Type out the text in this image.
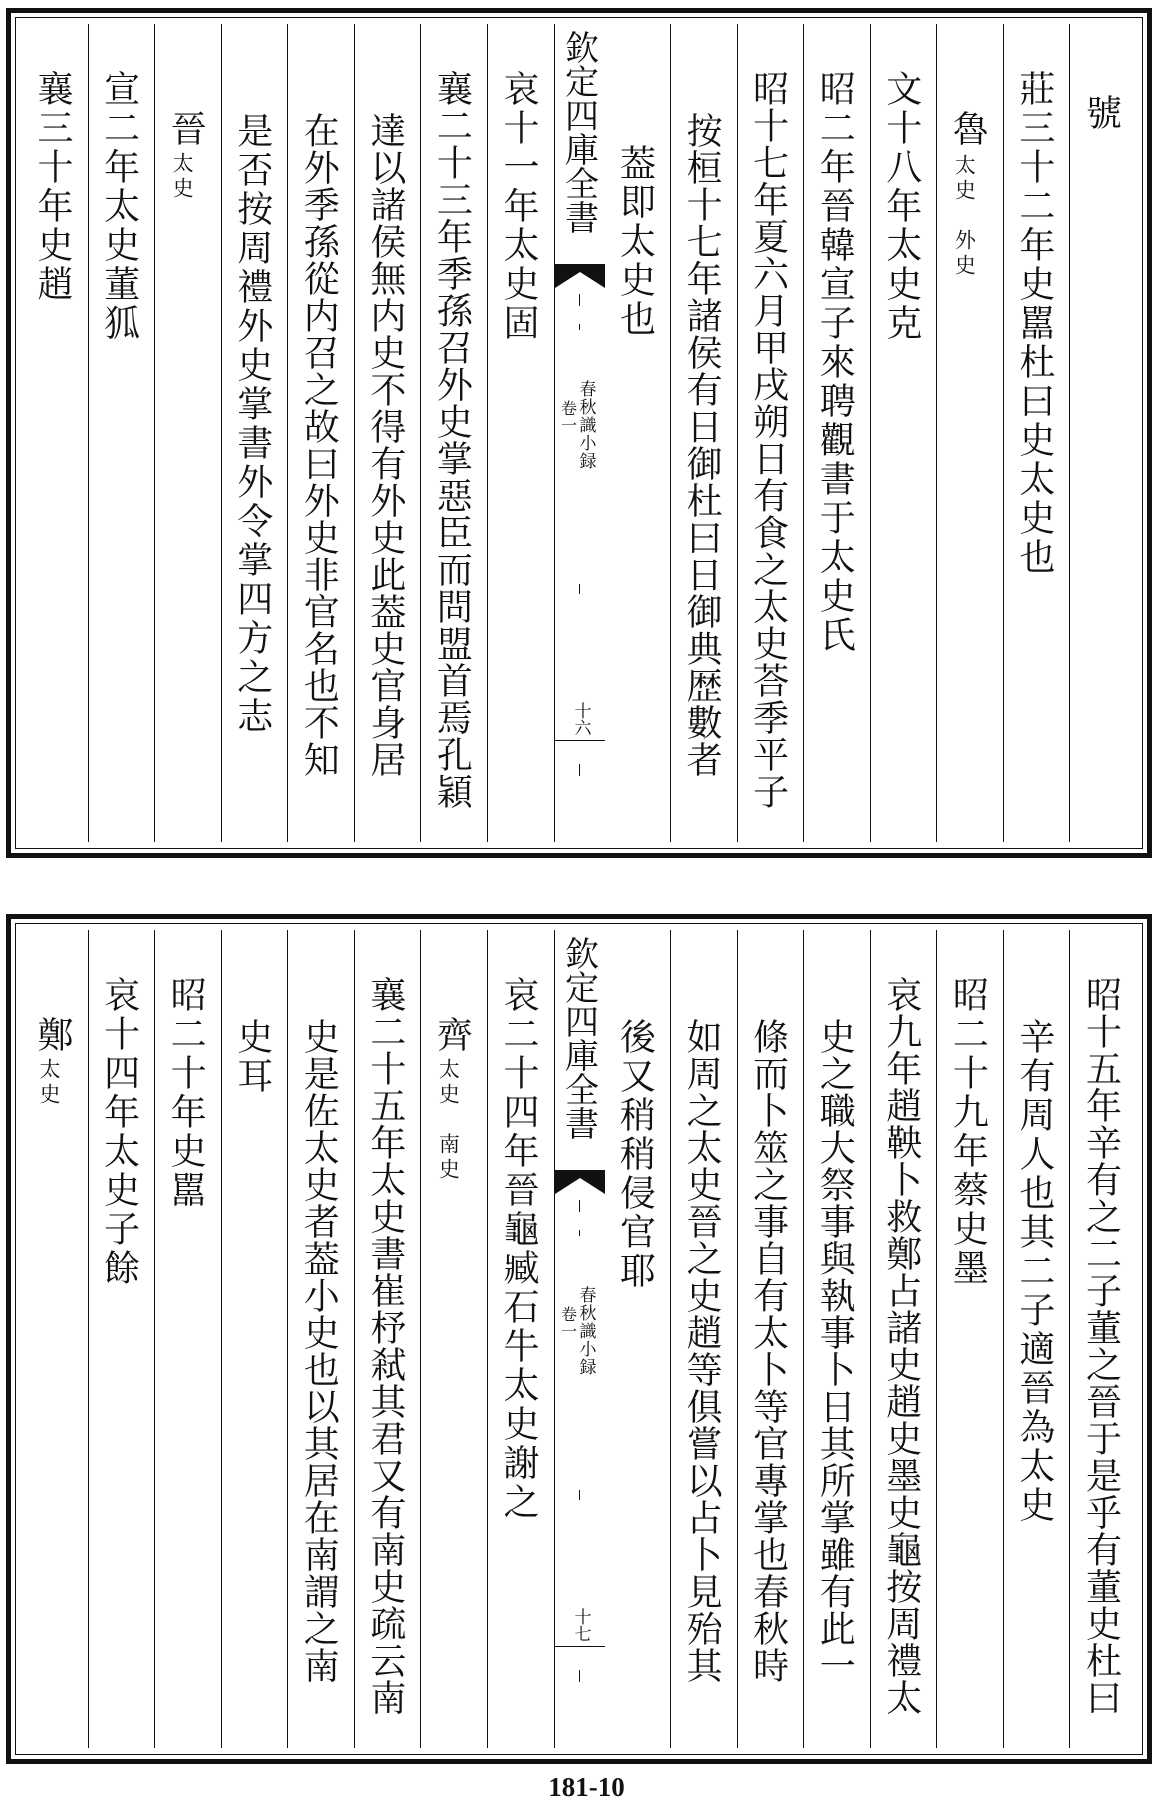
號
莊三十二年史嚚杜曰史太史也
魯
太史　外史
文十八年太史克
昭二年晉韓宣子來聘觀書于太史氏
昭十七年夏六月甲戌朔日有食之太史荅季平子
按桓十七年諸侯有日御杜曰日御典歴數者
葢即太史也
欽定四庫全書
春秋識小録
卷一
十六
哀十一年太史固
襄二十三年季孫召外史掌惡臣而問盟首焉孔穎
達以諸侯無内史不得有外史此葢史官身居
在外季孫從内召之故曰外史非官名也不知
是否按周禮外史掌書外令掌四方之志
晉
太史
宣二年太史董狐
襄三十年史趙
昭十五年辛有之二子董之晉于是乎有董史杜曰
辛有周人也其二子適晉為太史
昭二十九年蔡史墨
哀九年趙鞅卜救鄭占諸史趙史墨史龜按周禮太
史之職大祭事與執事卜日其所掌雖有此一
條而卜筮之事自有太卜等官專掌也春秋時
如周之太史晉之史趙等俱嘗以占卜見殆其
後又稍稍侵官耶
欽定四庫全書
春秋識小録
卷一
十七
哀二十四年晉龜臧石牛太史謝之
齊
太史　南史
襄二十五年太史書崔杼弒其君又有南史疏云南
史是佐太史者葢小史也以其居在南謂之南
史耳
昭二十年史嚚
哀十四年太史子餘
鄭
太史
181-10
